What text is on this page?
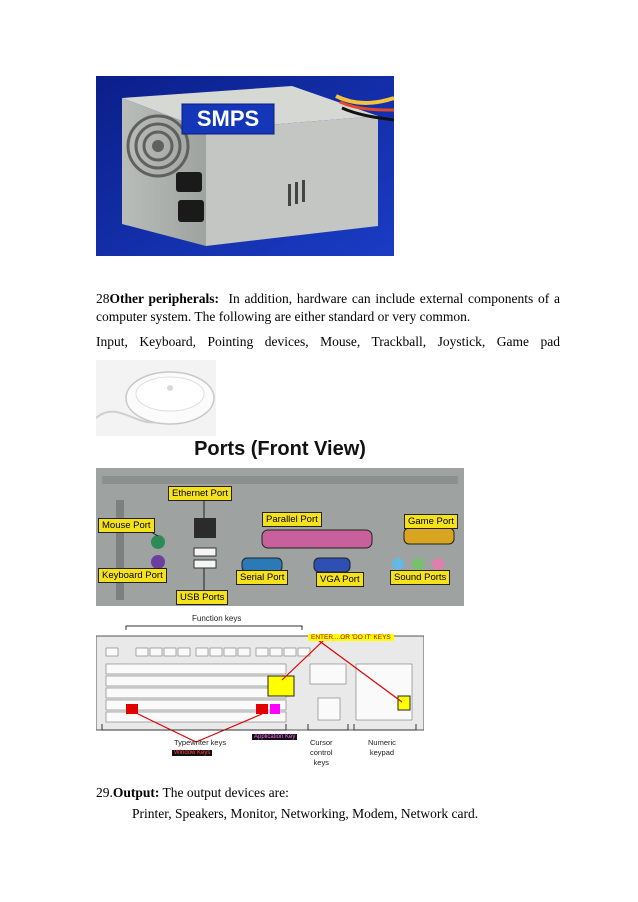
SMPS
28Other peripherals: In addition, hardware can include external components of a
computer system. The following are either standard or very common.
Input, Keyboard, Pointing devices, Mouse, Trackball, Joystick, Game pad
Ports (Front View)
Ethernet Port
Mouse Port
Parallel Port	Game Port
Keyboard Port	Serial Port	VGA Port	Sound Ports
USB Ports
Function keys
ENTER....OR 'DO IT' KEYS
Typewriter keys
Application Key
Window Keys
Cursor
control
keys
Numeric
keypad
29.Output: The output devices are:
Printer, Speakers, Monitor, Networking, Modem, Network card.
